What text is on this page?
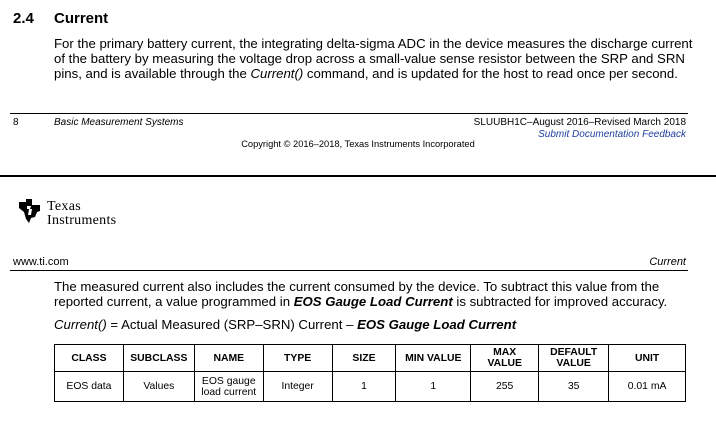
2.4 Current

For the primary battery current, the integrating delta-sigma ADC in the device measures the discharge current of the battery by measuring the voltage drop across a small-value sense resistor between the SRP and SRN pins, and is available through the Current() command, and is updated for the host to read once per second.

8	Basic Measurement Systems	SLUUBH1C–August 2016–Revised March 2018
Submit Documentation Feedback
Copyright © 2016–2018, Texas Instruments Incorporated
Texas
Instruments
www.ti.com	Current

The measured current also includes the current consumed by the device. To subtract this value from the reported current, a value programmed in EOS Gauge Load Current is subtracted for improved accuracy.

Current() = Actual Measured (SRP–SRN) Current – EOS Gauge Load Current
CLASS	SUBCLASS	NAME	TYPE	SIZE	MIN VALUE	MAX VALUE	DEFAULT VALUE	UNIT
EOS data	Values	EOS gauge load current	Integer	1	1	255	35	0.01 mA
